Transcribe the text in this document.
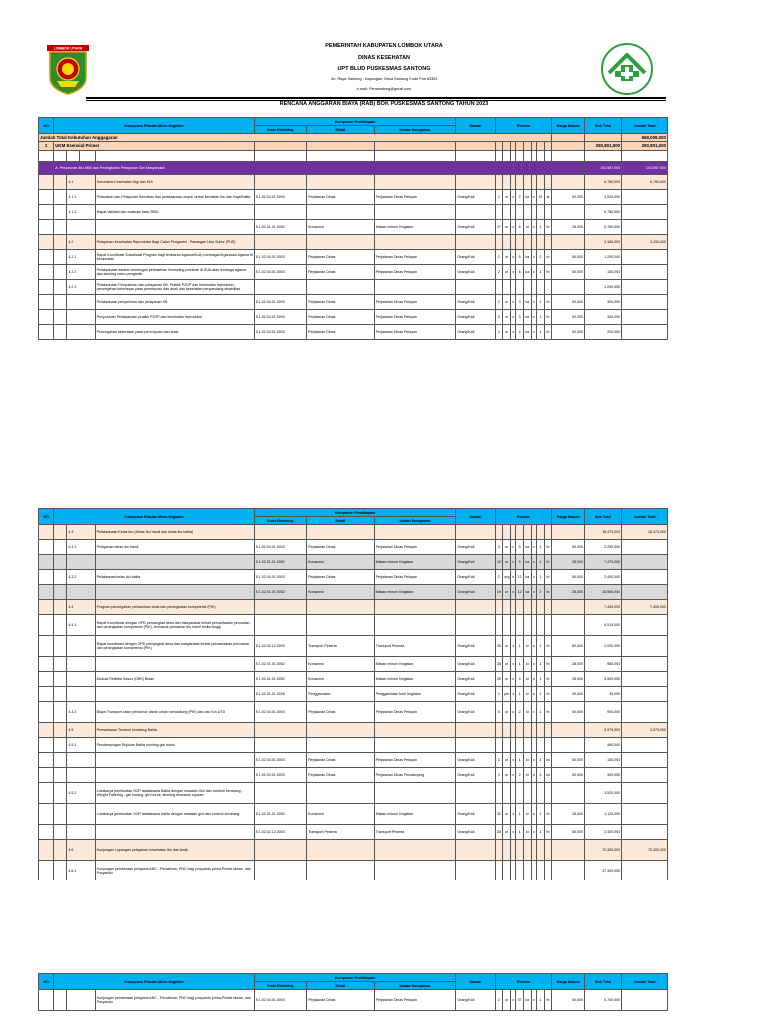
LOMBOK UTARA	PEMERINTAH KABUPATEN LOMBOK UTARA
DINAS KESEHATAN
UPT BLUD PUSKESMAS SANTONG
Jln. Raya Santong - Kayangan, Desa Santong Kode Pos 83353
e-mail: Pkmsantong@gmail.com
RENCANA ANGGARAN BIAYA (RAB) BOK PUSKESMAS SANTONG TAHUN 2023
NO	Komponen Rincian Menu Kegiatan				Komponen Pembiayaan			Satuan	Rincian								Harga Satuan	Sub Total	Jumlah Total
					Kode Rekening	Detail	Uraian Komponen												
Jumlah Total Kebutuhan Anggagaran																			668,009,000
1	UKM Esensial Primer																	250,801,000	250,801,000

	A. Penurunan AKI AKB dan Peningkatan Pelayanan Gizi Masyarakat																	103,987,000	103,987,000
		4.1		Surveilans Kesehatan Gigi dan KIA														6,780,000	6,780,000
		4.1.1		Pelacakan dan Pelaporan Kematian dan pelaksanaan otopsi verbal kematian Ibu dan Bayi/Balita	5.1.02.04.01.0003	Perjalanan Dinas	Perjalanan Dinas Pelayan	Orang/Kali	1	or	x	2	ka	x	10	kl	50,000	1,000,000	
		4.1.2		Rapat Validasi dan evaluasi data GBDI														5,780,000	
					5.1.02.01.01.0052	Konsumsi	Makan minum Kegiatan	Orang/Kali	27	or	x	8	kl	x	1	th	28,000	5,780,000	
		4.2		Pelayanan Kesehatan Reproduksi Bagi Calon Pengantin , Pasangan Usia Subur (PUS)														3,150,000	3,150,000
		4.2.1		Rapat Koordinasi Sosialisasi Program bagi lembaran Agama/KUA) Lembaga/Organisasi Agama di kecamatan	5.1.02.04.01.0003	Perjalanan Dinas	Perjalanan Dinas Pelayan	Orang/Kali	2	or	x	6	ka	x	2	th	50,000	1,200,000	
		4.2.2		Pelaksanaan eauken bimbingan perkawinan /konseling pranikah di KUA atau lembaga agama dan skrining calon pengantin	5.1.02.04.01.0003	Perjalanan Dinas	Perjalanan Dinas Pelayan	Orang/Kali	2	or	x	6	ka	x	1	th	50,000	150,000	
		4.2.3		Pelaksanaan Penyuluhan dan pelayanan KB, Praktik P2GP dan kesehatan reproduksi ; pencegahan kekerasan pada perempuan dan anak dan kesehatan penyandang disabilitas														1,200,000	
				Pelaksanaan penyuluhan dan pelayanan KB	5.1.02.04.01.0003	Perjalanan Dinas	Perjalanan Dinas Pelayan	Orang/Kali	2	or	x	3	ka	x	1	th	50,000	300,000	
				Penyuluhan Pelaksanaan praktik P2GP dan kesehatan reproduksi	5.1.02.04.01.0003	Perjalanan Dinas	Perjalanan Dinas Pelayan	Orang/Kali	2	or	x	3	ka	x	1	th	50,000	300,000	
				Pencegahan kekerasan pada perempuan dan anak	5.1.02.04.01.0003	Perjalanan Dinas	Perjalanan Dinas Pelayan	Orang/Kali	1	or	x	4	ka	x	1	th	50,000	200,000	
NO	Komponen Rincian Menu Kegiatan			Komponen Pembiayaan			Satuan	Rincian								Harga Satuan	Sub Total	Jumlah Total
				Kode Rekening	Detail	Uraian Komponen												
		4.3	Pelaksanaan Kelas Ibu (Kelas Ibu hamil dan kelas ibu balita)														18,473,000	18,473,000
		4.3.1	Pelayanan kelas ibu hamil	5.1.02.04.01.0003	Perjalanan Dinas	Perjalanan Dinas Pelayan	Orang/Kali	3	or	x	5	ka	x	1	th	50,000	2,250,000	
				5.1.02.01.01.0052	Konsumsi	Makan minum Kegiatan	Orang/Kali	10	or	x	5	ka	x	1	th	28,000	7,470,000	
		4.3.2	Pelaksanaa kelas ibu balita	5.1.02.04.01.0003	Perjalanan Dinas	Perjalanan Dinas Pelayan	Orang/Kali	2	org	x	12	ka	x	1	th	50,000	2,400,000	
				5.1.02.01.01.0052	Konsumsi	Makan minum Kegiatan	Orang/Kali	19	or	x	12	ka	x	2	th	28,000	15,960,000	
		4.4	Program pencegahan perkawinan anak dan peningkatan kompetensi (PIK)														7,405,000	7,405,000
		4.4.1	Rapat Koordinasi dengan OPD pemangkat desa dan Masyarakat terkait pemanfaatan pencarian dan peningkatan kompetensi (PIK), termasuk pencarian ibu hamil resiko tinggi														6,519,000	
			Rapat koordinasi dengan OPD pemangkat desa dan masyarakat terkait pemanfaatan pencarian dan peningkatan kompetensi (PIK)	5.1.02.02.12.0003	Transport Peserta	Transport Peserta	Orang/Kali	25	or	x	1	kl	x	1	th	80,000	2,000,000	
				5.1.02.01.01.0052	Konsumsi	Makan minum Kegiatan	Orang/Kali	35	or	x	1	kl	x	1	th	28,000	980,000	
			Diskusi Refleksi Kasus (DRK) Bulan	5.1.02.01.01.0052	Konsumsi	Makan minum Kegiatan	Orang/Kali	25	or	x	4	kl	x	1	th	28,000	3,500,000	
				5.1.02.01.01.0026	Penggandaan	Penggandaan form kegiatan	Orang/Kali	1	pkt	x	1	kl	x	1	th	39,000	39,000	
		4.4.2	Biaya Transport calon pendonor darah untuk mendukung (PIK) dan dan Kin UTD	5.1.02.04.01.0003	Perjalanan Dinas	Perjalanan Dinas Pelayan	Orang/Kali	5	or	x	2	kl	x	1	th	50,000	900,000	
		4.5	Pemantauan Tumbuh kembang Balita														3,979,000	3,979,000
		4.5.1	Pendampingan Rujukan Balita stunting gizi buruk														460,000	
				5.1.02.04.01.0003	Perjalanan Dinas	Perjalanan Dinas Pelayan	Orang/Kali	1	or	x	1	kl	x	3	ks	50,000	150,000	
				5.1.02.04.01.0003	Perjalanan Dinas	Perjalanan Dinas Pendamping	Orang/Kali	1	or	x	2	kl	x	3	ks	50,000	300,000	
		4.5.2	Lokakarya pembuatan SOP tatalaksana Balita dengan masalah Gizi dan tumbuh kembang : Weight Faltering , gizi kurang, gizi buruk, stunting termasuk rujukan														3,520,000	
			Lokakarya pembuatan SOP tatalaksana balita dengan masalah gizi dan tumbuh kembang	5.1.02.01.01.0052	Konsumsi	Makan minum Kegiatan	Orang/Kali	32	or	x	1	kl	x	1	th	28,000	1,120,000	
				5.1.02.02.12.0003	Transport Peserta	Transport Peserta	Orang/Kali	30	or	x	1	kl	x	1	th	80,000	2,400,000	
		4.6	Kunjungan Lapangan pelayanan kesehatan Ibu dan Anak														70,300,000	70,300,000
		4.6.1	Kunjungan pemberaan pelayana ANC , Persalinan, PNC bagi posyandu prima,Prioita rawan, dan Posyandu														37,300,000	
NO	Komponen Rincian Menu Kegiatan			Komponen Pembiayaan			Satuan	Rincian								Harga Satuan	Sub Total	Jumlah Total
				Kode Rekening	Detail	Uraian Komponen												
			Kunjungan pemberaan pelayana ANC , Persalinan, PNC bagi posyandu prima,Prioita rawan, dan Posyandu	5.1.02.04.01.0003	Perjalanan Dinas	Perjalanan Dinas Pelayan	Orang/Kali	2	or	x	57	ka	x	1	th	50,000	5,700,000	
